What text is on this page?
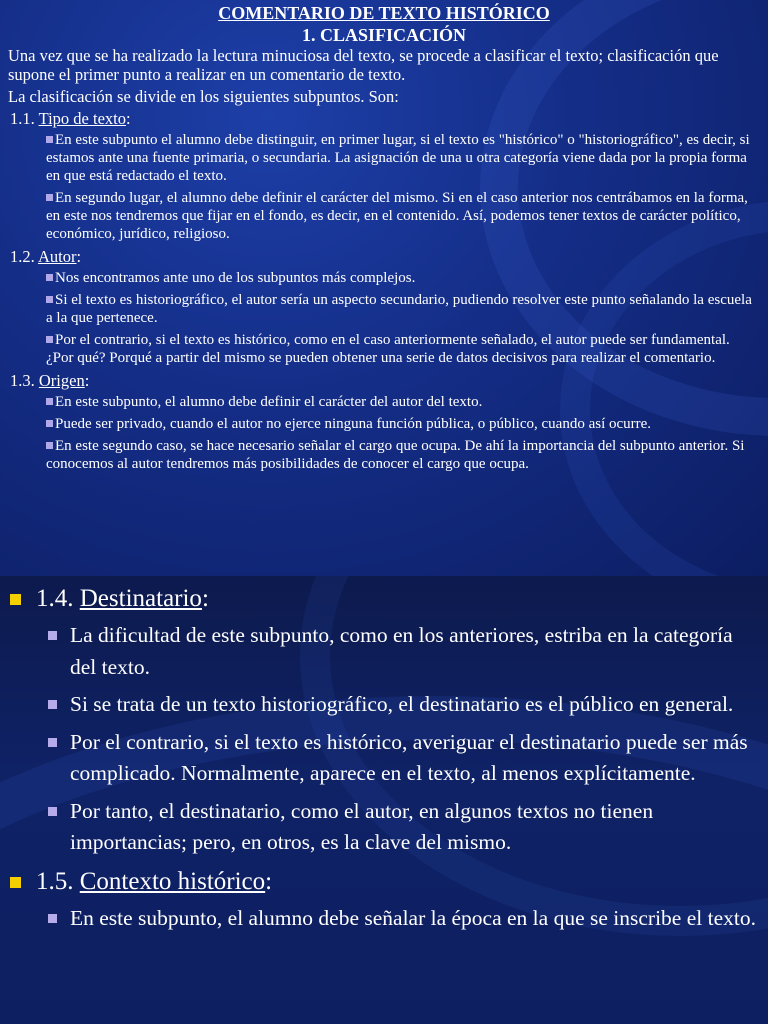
COMENTARIO DE TEXTO HISTÓRICO

1. CLASIFICACIÓN

Una vez que se ha realizado la lectura minuciosa del texto, se procede a clasificar el texto; clasificación que supone el primer punto a realizar en un comentario de texto.

La clasificación se divide en los siguientes subpuntos. Son:

1.1. Tipo de texto:

En este subpunto el alumno debe distinguir, en primer lugar, si el texto es "histórico" o "historiográfico", es decir, si estamos ante una fuente primaria, o secundaria. La asignación de una u otra categoría viene dada por la propia forma en que está redactado el texto.

En segundo lugar, el alumno debe definir el carácter del mismo. Si en el caso anterior nos centrábamos en la forma, en este nos tendremos que fijar en el fondo, es decir, en el contenido. Así, podemos tener textos de carácter político, económico, jurídico, religioso.

1.2. Autor:

Nos encontramos ante uno de los subpuntos más complejos.

Si el texto es historiográfico, el autor sería un aspecto secundario, pudiendo resolver este punto señalando la escuela a la que pertenece.

Por el contrario, si el texto es histórico, como en el caso anteriormente señalado, el autor puede ser fundamental. ¿Por qué? Porqué a partir del mismo se pueden obtener una serie de datos decisivos para realizar el comentario.

1.3. Origen:

En este subpunto, el alumno debe definir el carácter del autor del texto.

Puede ser privado, cuando el autor no ejerce ninguna función pública, o público, cuando así ocurre.

En este segundo caso, se hace necesario señalar el cargo que ocupa. De ahí la importancia del subpunto anterior. Si conocemos al autor tendremos más posibilidades de conocer el cargo que ocupa.

1.4. Destinatario:

La dificultad de este subpunto, como en los anteriores, estriba en la categoría del texto.

Si se trata de un texto historiográfico, el destinatario es el público en general.

Por el contrario, si el texto es histórico, averiguar el destinatario puede ser más complicado. Normalmente, aparece en el texto, al menos explícitamente.

Por tanto, el destinatario, como el autor, en algunos textos no tienen importancias; pero, en otros, es la clave del mismo.

1.5. Contexto histórico:

En este subpunto, el alumno debe señalar la época en la que se inscribe el texto.
